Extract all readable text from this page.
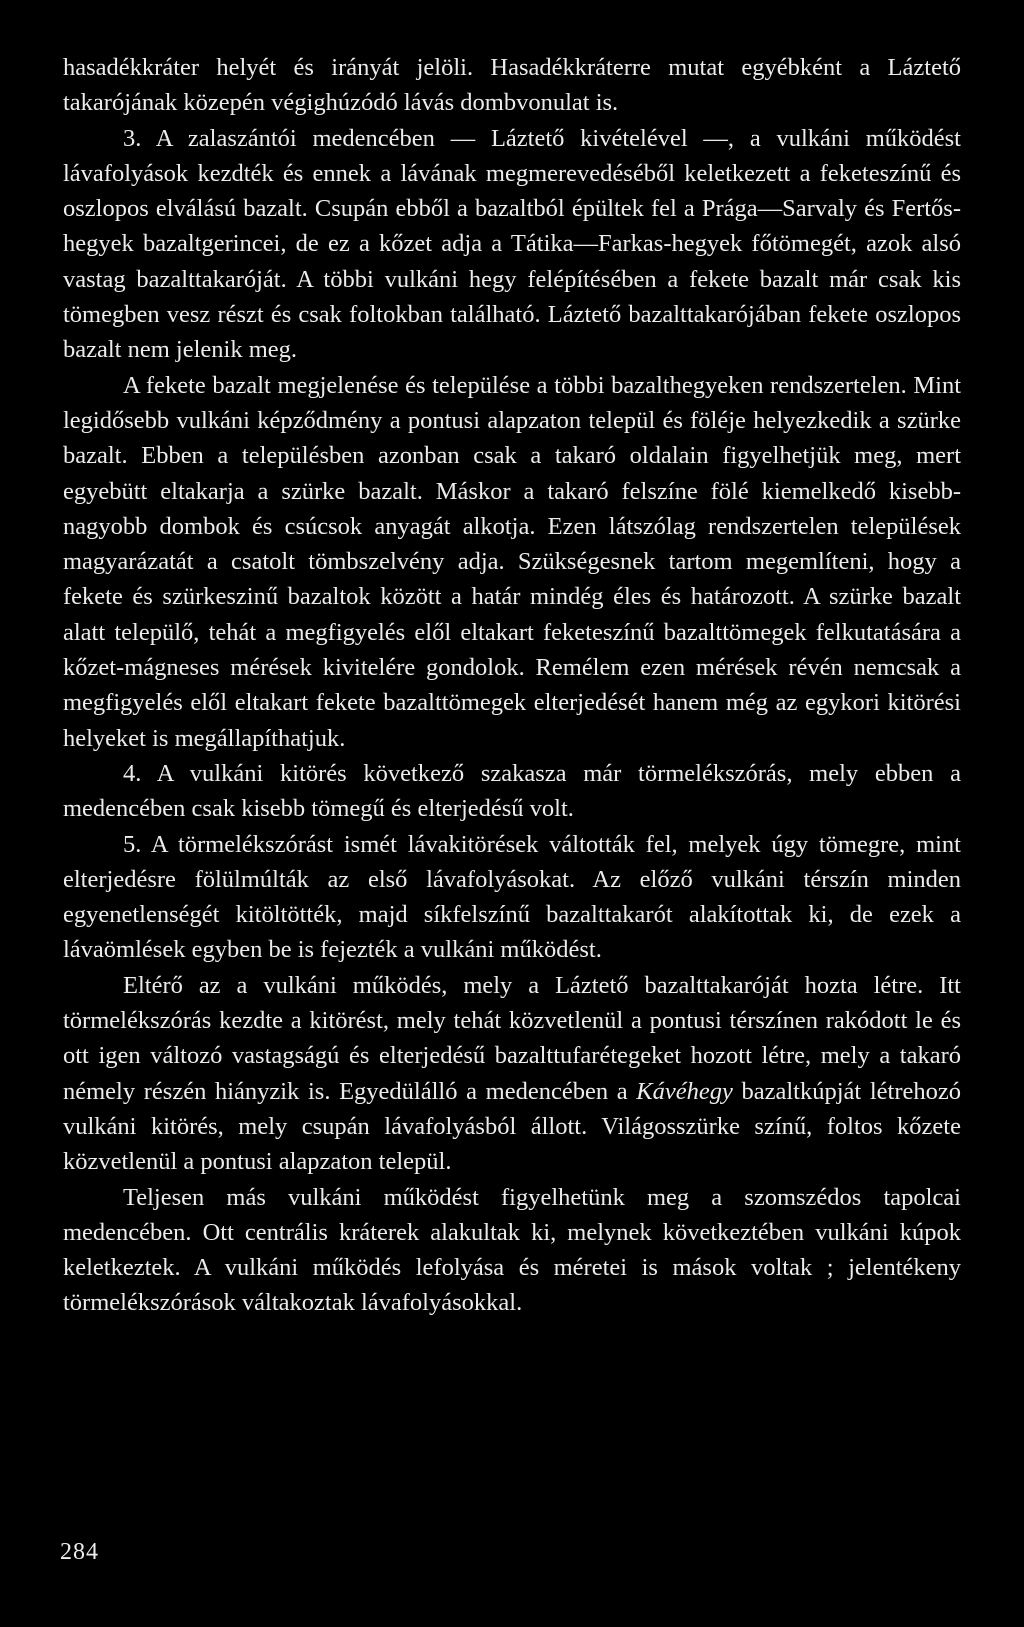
hasadékkráter helyét és irányát jelöli. Hasadékkráterre mutat egyébként a Láztető takarójának közepén végighúzódó lávás dombvonulat is.

3. A zalaszántói medencében — Láztető kivételével —, a vulkáni működést lávafolyások kezdték és ennek a lávának megmerevedéséből keletkezett a feketeszínű és oszlopos elválású bazalt. Csupán ebből a bazaltból épültek fel a Prága—Sarvaly és Fertős-hegyek bazaltgerincei, de ez a kőzet adja a Tátika—Farkas-hegyek főtömegét, azok alsó vastag bazalttakaróját. A többi vulkáni hegy felépítésében a fekete bazalt már csak kis tömegben vesz részt és csak foltokban található. Láztető bazalttakarójában fekete oszlopos bazalt nem jelenik meg.

A fekete bazalt megjelenése és települése a többi bazalthegyeken rendszertelen. Mint legidősebb vulkáni képződmény a pontusi alapzaton települ és föléje helyezkedik a szürke bazalt. Ebben a településben azonban csak a takaró oldalain figyelhetjük meg, mert egyebütt eltakarja a szürke bazalt. Máskor a takaró felszíne fölé kiemelkedő kisebb-nagyobb dombok és csúcsok anyagát alkotja. Ezen látszólag rendszertelen települések magyarázatát a csatolt tömbszelvény adja. Szükségesnek tartom megemlíteni, hogy a fekete és szürkeszinű bazaltok között a határ mindég éles és határozott. A szürke bazalt alatt települő, tehát a megfigyelés elől eltakart feketeszínű bazalttömegek felkutatására a kőzet-mágneses mérések kivitelére gondolok. Remélem ezen mérések révén nemcsak a megfigyelés elől eltakart fekete bazalttömegek elterjedését hanem még az egykori kitörési helyeket is megállapíthatjuk.

4. A vulkáni kitörés következő szakasza már törmelékszórás, mely ebben a medencében csak kisebb tömegű és elterjedésű volt.

5. A törmelékszórást ismét lávakitörések váltották fel, melyek úgy tömegre, mint elterjedésre fölülmúlták az első lávafolyásokat. Az előző vulkáni térszín minden egyenetlenségét kitöltötték, majd síkfelszínű bazalttakarót alakítottak ki, de ezek a lávaömlések egyben be is fejezték a vulkáni működést.

Eltérő az a vulkáni működés, mely a Láztető bazalttakaróját hozta létre. Itt törmelékszórás kezdte a kitörést, mely tehát közvetlenül a pontusi térszínen rakódott le és ott igen változó vastagságú és elterjedésű bazalttufarétegeket hozott létre, mely a takaró némely részén hiányzik is. Egyedülálló a medencében a Kávéhegy bazaltkúpját létrehozó vulkáni kitörés, mely csupán lávafolyásból állott. Világosszürke színű, foltos kőzete közvetlenül a pontusi alapzaton települ.

Teljesen más vulkáni működést figyelhetünk meg a szomszédos tapolcai medencében. Ott centrális kráterek alakultak ki, melynek következtében vulkáni kúpok keletkeztek. A vulkáni működés lefolyása és méretei is mások voltak ; jelentékeny törmelékszórások váltakoztak lávafolyásokkal.

284
